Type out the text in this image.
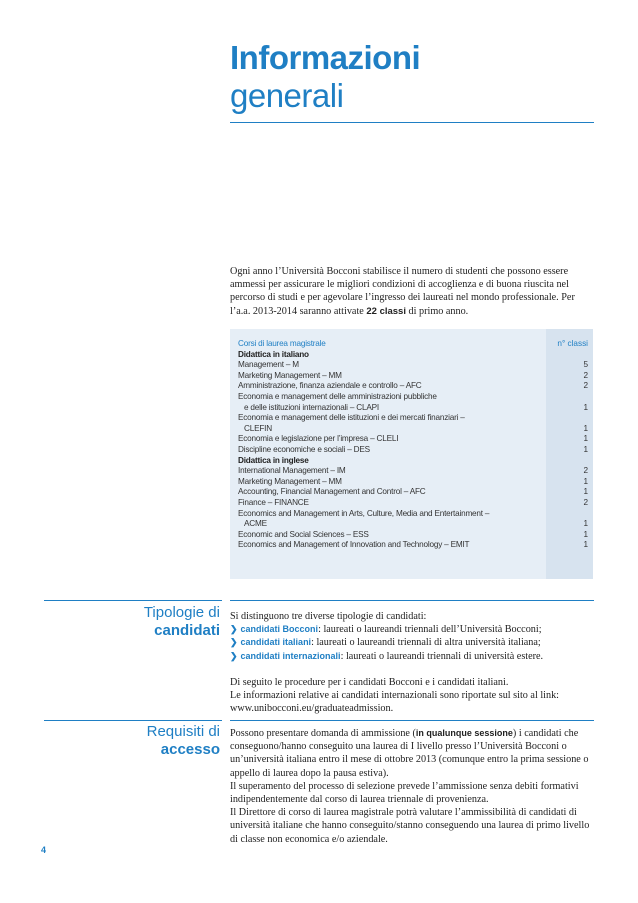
Informazioni
generali
Ogni anno l’Università Bocconi stabilisce il numero di studenti che possono essere ammessi per assicurare le migliori condizioni di accoglienza e di buona riuscita nel percorso di studi e per agevolare l’ingresso dei laureati nel mondo professionale. Per l’a.a. 2013-2014 saranno attivate 22 classi di primo anno.
Corsi di laurea magistrale	n° classi
Didattica in italiano
Management – M	5
Marketing Management – MM	2
Amministrazione, finanza aziendale e controllo – AFC	2
Economia e management delle amministrazioni pubbliche
e delle istituzioni internazionali – CLAPI	1
Economia e management delle istituzioni e dei mercati finanziari –
CLEFIN	1
Economia e legislazione per l’impresa – CLELI	1
Discipline economiche e sociali – DES	1
Didattica in inglese
International Management – IM	2
Marketing Management – MM	1
Accounting, Financial Management and Control – AFC	1
Finance – FINANCE	2
Economics and Management in Arts, Culture, Media and Entertainment –
ACME	1
Economic and Social Sciences – ESS	1
Economics and Management of Innovation and Technology – EMIT	1
Tipologie di
candidati

Si distinguono tre diverse tipologie di candidati:

❯ candidati Bocconi: laureati o laureandi triennali dell’Università Bocconi;

❯ candidati italiani: laureati o laureandi triennali di altra università italiana;

❯ candidati internazionali: laureati o laureandi triennali di università estere.

Di seguito le procedure per i candidati Bocconi e i candidati italiani.

Le informazioni relative ai candidati internazionali sono riportate sul sito al link:

www.unibocconi.eu/graduateadmission.

Requisiti di
accesso

Possono presentare domanda di ammissione (in qualunque sessione) i candidati che conseguono/hanno conseguito una laurea di I livello presso l’Università Bocconi o un’università italiana entro il mese di ottobre 2013 (comunque entro la prima sessione o appello di laurea dopo la pausa estiva).

Il superamento del processo di selezione prevede l’ammissione senza debiti formativi indipendentemente dal corso di laurea triennale di provenienza.

Il Direttore di corso di laurea magistrale potrà valutare l’ammissibilità di candidati di università italiane che hanno conseguito/stanno conseguendo una laurea di primo livello di classe non economica e/o aziendale.

4
